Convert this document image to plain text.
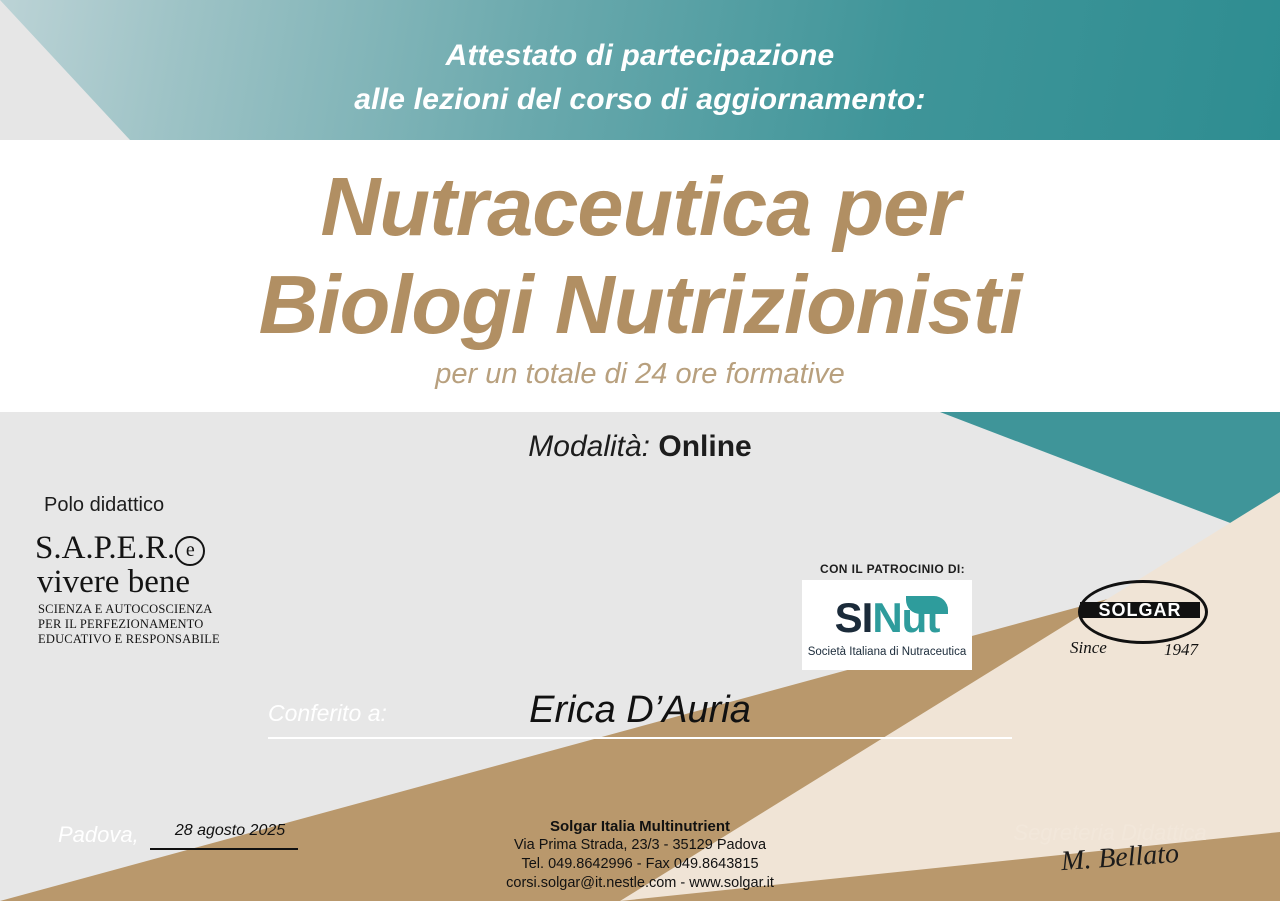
Attestato di partecipazione
alle lezioni del corso di aggiornamento:
Nutraceutica per
Biologi Nutrizionisti
per un totale di 24 ore formative
Modalità: Online
Polo didattico
S.A.P.E.R. e
vivere bene
SCIENZA E AUTOCOSCIENZA
PER IL PERFEZIONAMENTO
EDUCATIVO E RESPONSABILE
CON IL PATROCINIO DI:
SINut
Società Italiana di Nutraceutica
SOLGAR
Since	1947
Conferito a:	Erica D’Auria
Padova,	28 agosto 2025	Solgar Italia Multinutrient
Via Prima Strada, 23/3 - 35129 Padova
Tel. 049.8642996 - Fax 049.8643815
corsi.solgar@it.nestle.com - www.solgar.it
Segreteria Didattica
M. Bellato
